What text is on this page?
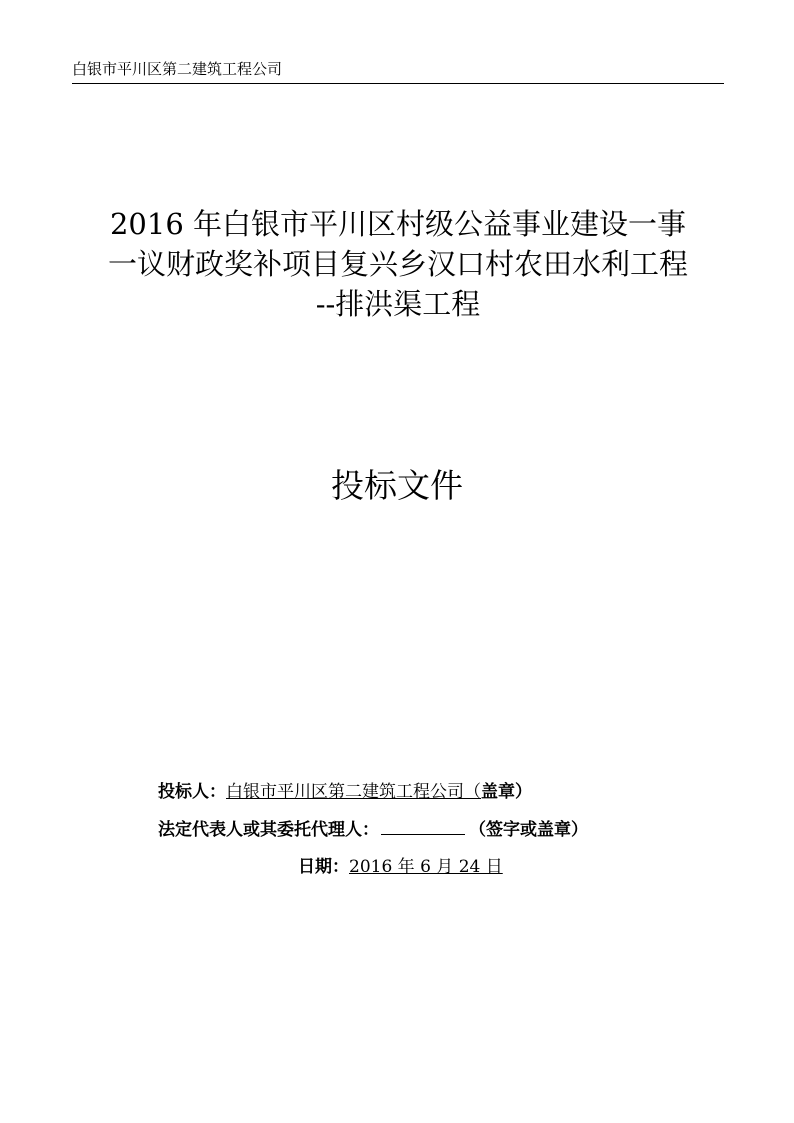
白银市平川区第二建筑工程公司
2016 年白银市平川区村级公益事业建设一事
一议财政奖补项目复兴乡汉口村农田水利工程
--排洪渠工程
投标文件
投标人：白银市平川区第二建筑工程公司（盖章）
法定代表人或其委托代理人：	（签字或盖章）
日期：2016 年 6 月 24 日
